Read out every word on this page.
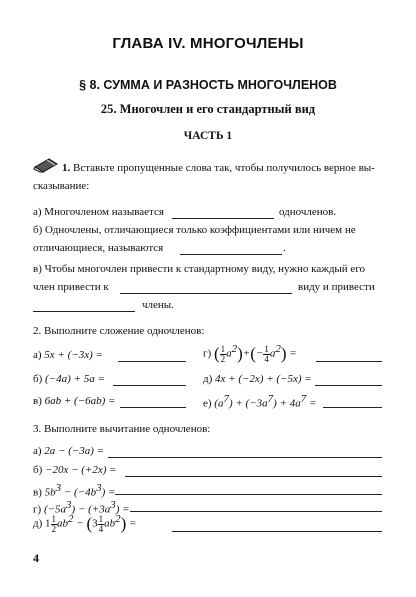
ГЛАВА IV. МНОГОЧЛЕНЫ
§ 8. СУММА И РАЗНОСТЬ МНОГОЧЛЕНОВ
25. Многочлен и его стандартный вид
ЧАСТЬ 1
1. Вставьте пропущенные слова так, чтобы получилось верное вы-
сказывание:
а) Многочленом называется	одночленов.
б) Одночлены, отличающиеся только коэффициентами или ничем не
отличающиеся, называются	.
в) Чтобы многочлен привести к стандартному виду, нужно каждый его
член привести к	виду и привести
члены.
2. Выполните сложение одночленов:
а) 5x + (−3x) =	г) ( $\frac{1}{2} a^2)+(- \frac{1}{4} a^2)$ =
б) (−4a) + 5a =	д) 4x + (−2x) + (−5x) =
в) 6ab + (−6ab) =	е) $(a^7) + (-3a^7) + 4a^7$ =
3. Выполните вычитание одночленов:
а) 2a − (−3a) =
б) −20x − (+2x) =
в) $5b^3 - (-4b^3)$ =
г) $(-5a^3) - (+3a^3)$ =
д) $1 \frac{1}{2} ab^2 - (3 \frac{1}{4} ab^2)$ =
4
